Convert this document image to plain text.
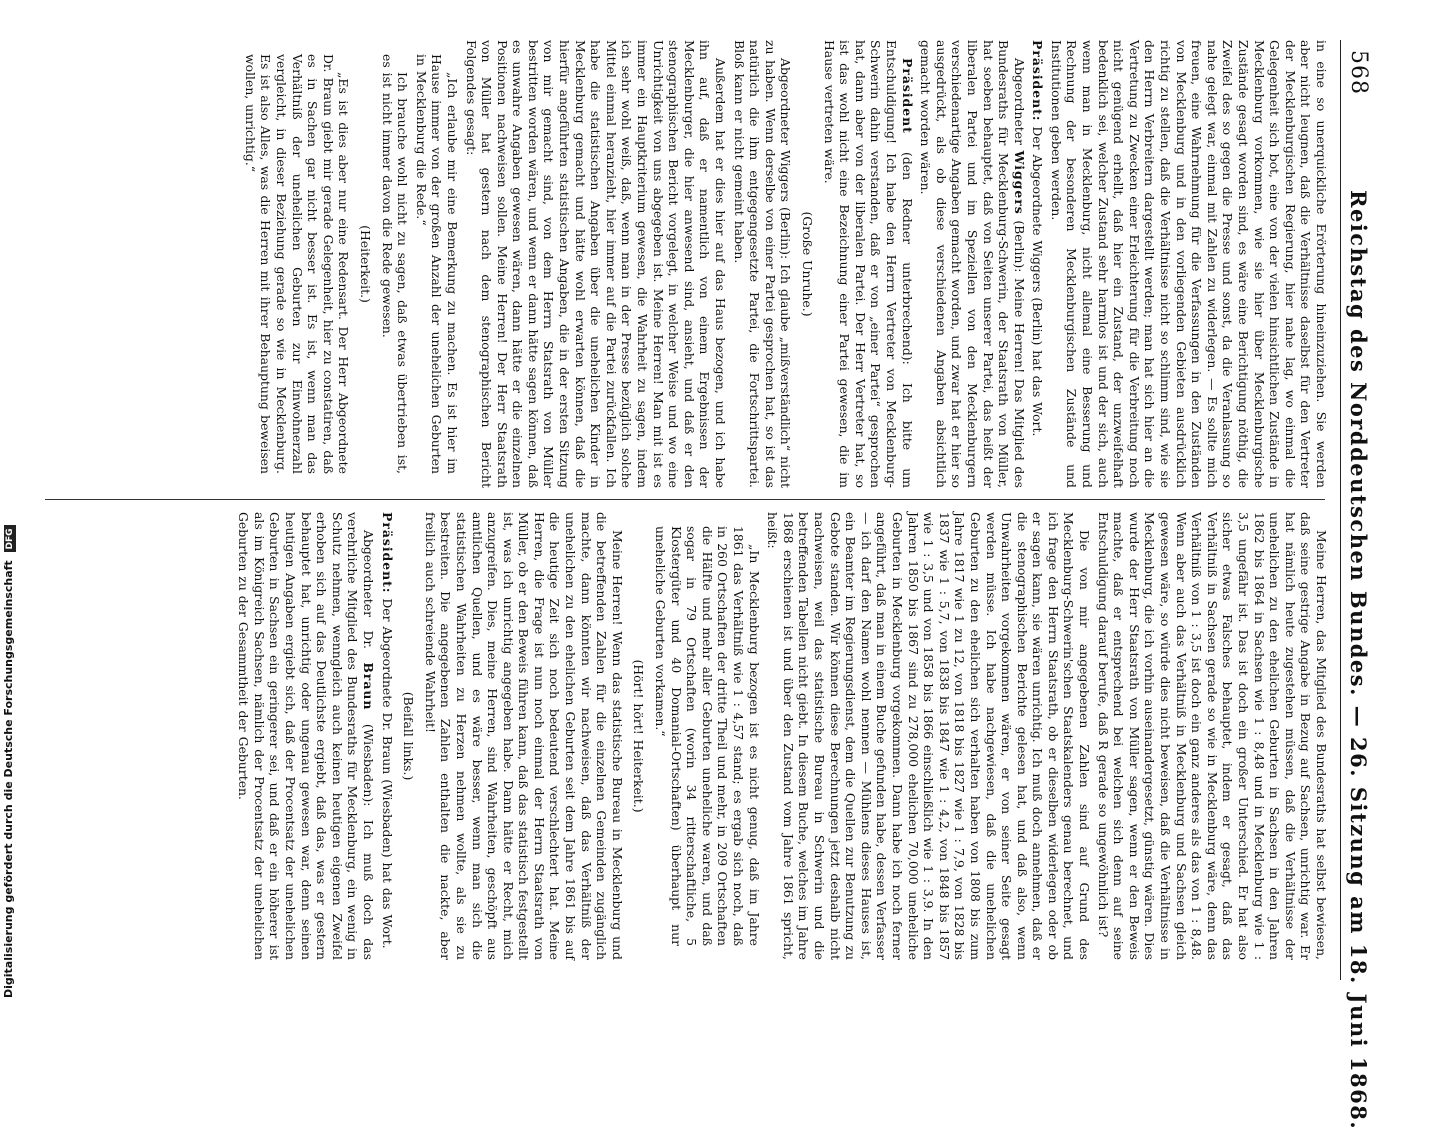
568
Reichstag des Norddeutschen Bundes. — 26. Sitzung am 18. Juni 1868.

in eine so unerquickliche Erörterung hineinzuziehen. Sie werden aber nicht leugnen, daß die Verhältnisse daselbst für den Vertreter der Mecklenburgischen Regierung, hier nahe lag, wo einmal die Gelegenheit sich bot, eine von der vielen hinsichtlichen Zustände in Mecklenburg vorkommen, wie sie hier über Mecklenburgische Zustände gesagt worden sind, es wäre eine Berichtigung nöthig, die Zweifel des so gegen die Presse und sonst, da die Veranlassung so nahe gelegt war, einmal mit Zahlen zu widerlegen. — Es sollte mich freuen, eine Wahrnehmung für die Verfassungen in den Zuständen von Mecklenburg und in den vorliegenden Gebieten ausdrücklich richtig zu stellen, daß die Verhältnisse nicht so schlimm sind, wie sie den Herrn Verbreitern dargestellt werden; man hat sich hier an die Vertretung zu Zwecken einer Erleichterung für die Verbreitung noch nicht genügend erhellt, daß hier ein Zustand, der unzweifelhaft bedenklich sei, welcher Zustand sehr harmlos ist und der sich, auch wenn man in Mecklenburg, nicht allemal eine Besserung und Rechnung der besonderen Mecklenburgischen Zustände und Institutionen geben werden.

Präsident: Der Abgeordnete Wiggers (Berlin) hat das Wort.

Abgeordneter Wiggers (Berlin): Meine Herren! Das Mitglied des Bundesraths für Mecklenburg-Schwerin, der Staatsrath von Müller, hat soeben behauptet, daß von Seiten unserer Partei, das heißt der liberalen Partei und im Speziellen von den Mecklenburgern verschiedenartige Angaben gemacht worden, und zwar hat er hier so ausgedrückt, als ob diese verschiedenen Angaben absichtlich gemacht worden wären.

Präsident (den Redner unterbrechend): Ich bitte um Entschuldigung! Ich habe den Herrn Vertreter von Mecklenburg-Schwerin dahin verstanden, daß er von „einer Partei“ gesprochen hat, dann aber von der liberalen Partei. Der Herr Vertreter hat, so ist das wohl nicht eine Bezeichnung einer Partei gewesen, die im Hause vertreten wäre.

(Große Unruhe.)

Abgeordneter Wiggers (Berlin): Ich glaube „mißverständlich“ nicht zu haben. Wenn derselbe von einer Partei gesprochen hat, so ist das natürlich die ihm entgegengesetzte Partei, die Fortschrittspartei. Bloß kann er nicht gemeint haben.

Außerdem hat er dies hier auf das Haus bezogen, und ich habe ihn auf, daß er namentlich von einem Ergebnissen der Mecklenburger, die hier anwesend sind, ansieht, und daß er den stenographischen Bericht vorgelegt, in welcher Weise und wo eine Unrichtigkeit von uns abgegeben ist. Meine Herren! Man mit ist es immer ein Hauptkriterium gewesen, die Wahrheit zu sagen, indem ich sehr wohl weiß, daß, wenn man in der Presse bezüglich solche Mittel einmal heranzieht, hier immer auf die Partei zurückfallen. Ich habe die statistischen Angaben über die unehelichen Kinder in Mecklenburg gemacht und hätte wohl erwarten können, daß die hierfür angeführten statistischen Angaben, die in der ersten Sitzung von mir gemacht sind, von dem Herrn Statsrath von Müller bestritten worden wären, und wenn er dann hätte sagen können, daß es unwahre Angaben gewesen wären, dann hätte er die einzelnen Positionen nachweisen sollen. Meine Herren! Der Herr Staatsrath von Müller hat gestern nach dem stenographischen Bericht Folgendes gesagt:

„Ich erlaube mir eine Bemerkung zu machen. Es ist hier im Hause immer von der großen Anzahl der unehelichen Geburten in Mecklenburg die Rede.“

Ich brauche wohl nicht zu sagen, daß etwas übertrieben ist, es ist nicht immer davon die Rede gewesen.

(Heiterkeit.)

„Es ist dies aber nur eine Redensart. Der Herr Abgeordnete Dr. Braun giebt mir gerade Gelegenheit, hier zu constatiren, daß es in Sachen gar nicht besser ist. Es ist, wenn man das Verhältniß der unehelichen Geburten zur Einwohnerzahl vergleicht, in dieser Beziehung gerade so wie in Mecklenburg. Es ist also Alles, was die Herren mit ihrer Behauptung beweisen wollen, unrichtig.“

Meine Herren, das Mitglied des Bundesraths hat selbst bewiesen, daß seine gestrige Angabe in Bezug auf Sachsen, unrichtig war. Er hat nämlich heute zugestehen müssen, daß die Verhältnisse der unehelichen zu den ehelichen Geburten in Sachsen in den Jahren 1862 bis 1864 in Sachsen wie 1 : 8,48 und in Mecklenburg wie 1 : 3,5 ungefähr ist. Das ist doch ein großer Unterschied. Er hat also sicher etwas Falsches behauptet, indem er gesagt, daß das Verhältniß in Sachsen gerade so wie in Mecklenburg wäre, denn das Verhältniß von 1 : 3,5 ist doch ein ganz anderes als das von 1 : 8,48. Wenn aber auch das Verhältniß in Mecklenburg und Sachsen gleich gewesen wäre, so würde dies nicht beweisen, daß die Verhältnisse in Mecklenburg, die ich vorhin auseinandergesetzt, günstig wären. Dies wurde der Herr Staatsrath von Müller sagen, wenn er den Beweis machte, daß er entsprechend bei welchen sich denn auf seine Entschuldigung darauf berufe, daß R gerade so ungewöhnlich ist?

Die von mir angegebenen Zahlen sind auf Grund des Mecklenburg-Schwerin'schen Staatskalenders genau berechnet, und ich frage den Herrn Staatsrath, ob er dieselben widerlegen oder ob er sagen kann, sie wären unrichtig. Ich muß doch annehmen, daß er die stenographischen Berichte gelesen hat, und daß also, wenn Unwahrheiten vorgekommen wären, er von seiner Seite gesagt werden müsse. Ich habe nachgewiesen, daß die unehelichen Geburten zu den ehelichen sich verhalten haben von 1808 bis zum Jahre 1817 wie 1 zu 12, von 1818 bis 1827 wie 1 : 7,9, von 1828 bis 1837 wie 1 : 5,7, von 1838 bis 1847 wie 1 : 4,2, von 1848 bis 1857 wie 1 : 3,5 und von 1858 bis 1866 einschließlich wie 1 : 3,9. In den Jahren 1850 bis 1867 sind zu 278,000 ehelichen 70,000 uneheliche Geburten in Mecklenburg vorgekommen. Dann habe ich noch ferner angeführt, daß man in einem Buche gefunden habe, dessen Verfasser — ich darf den Namen wohl nennen — Mühlens dieses Hauses ist, ein Beamter im Regierungsdienst, dem die Quellen zur Benutzung zu Gebote standen. Wir können diese Berechnungen jetzt deshalb nicht nachweisen, weil das statistische Bureau in Schwerin und die betreffenden Tabellen nicht giebt. In diesem Buche, welches im Jahre 1868 erschienen ist und über den Zustand vom Jahre 1861 spricht, heißt:

„In Mecklenburg bezogen ist es nicht genug, daß im Jahre 1861 das Verhältniß wie 1 : 4,57 stand; es ergab sich noch, daß in 260 Ortschaften der dritte Theil und mehr, in 209 Ortschaften die Hälfte und mehr aller Geburten uneheliche waren, und daß sogar in 79 Ortschaften (worin 34 ritterschaftliche, 5 Klostergüter und 40 Domanial-Ortschaften) überhaupt nur uneheliche Geburten vorkamen.“

(Hört! hört! Heiterkeit.)

Meine Herren! Wenn das statistische Bureau in Mecklenburg und die betreffenden Zahlen für die einzelnen Gemeinden zugänglich machte, dann könnten wir nachweisen, daß das Verhältniß der unehelichen zu den ehelichen Geburten seit dem Jahre 1861 bis auf die heutige Zeit sich noch bedeutend verschlechtert hat. Meine Herren, die Frage ist nun noch einmal der Herrn Staatsrath von Müller, ob er den Beweis führen kann, daß das statistisch festgestellt ist, was ich unrichtig angegeben habe. Dann hätte er Recht, mich anzugreifen. Dies, meine Herren, sind Wahrheiten, geschöpft aus amtlichen Quellen, und es wäre besser, wenn man sich die statistischen Wahrheiten zu Herzen nehmen wollte, als sie zu bestreiten. Die angegebenen Zahlen enthalten die nackte, aber freilich auch schreiende Wahrheit!

(Beifall links.)

Präsident: Der Abgeordnete Dr. Braun (Wiesbaden) hat das Wort.

Abgeordneter Dr. Braun (Wiesbaden): Ich muß doch das verehrliche Mitglied des Bundesraths für Mecklenburg, ein wenig in Schutz nehmen, wenngleich auch keinen heutigen eigenen Zweifel erhoben sich auf das Deutlichste ergiebt, daß das, was er gestern behauptet hat, unrichtig oder ungenau gewesen war, denn seinen heutigen Angaben ergiebt sich, daß der Procentsatz der unehelichen Geburten in Sachsen ein geringerer sei, und daß er ein höherer ist als im Königreich Sachsen, nämlich der Procentsatz der unehelichen Geburten zu der Gesammtheit der Geburten.

Digitalisierung gefördert durch die Deutsche Forschungsgemeinschaft DFG
